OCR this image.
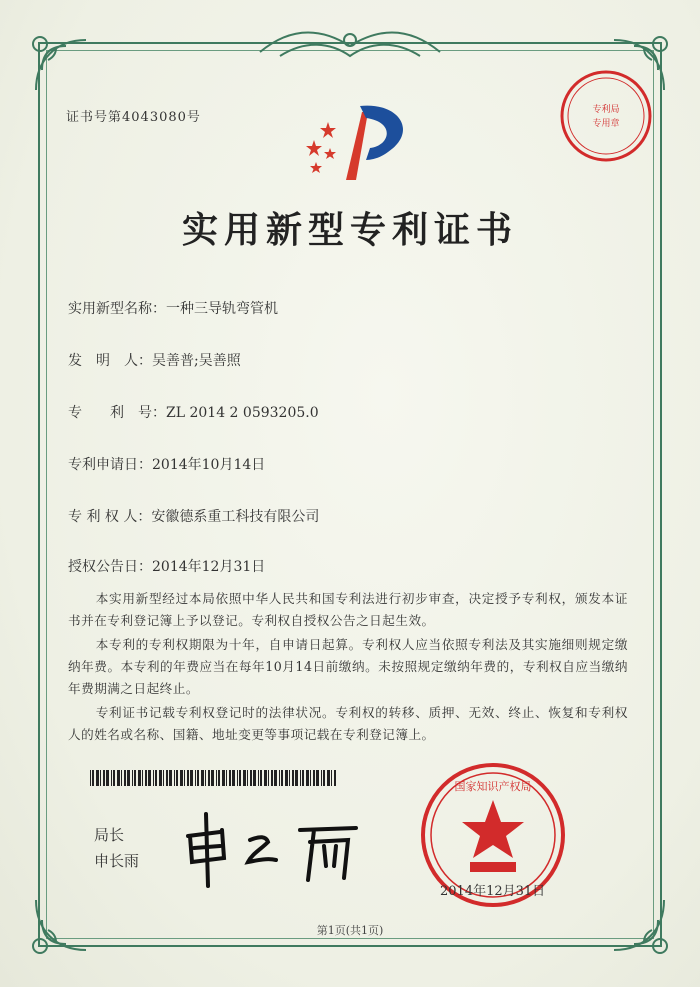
证书号第4043080号	专利局
专用章
实用新型专利证书
实用新型名称：一种三导轨弯管机
发　明　人：吴善普;吴善照
专　　利　号：ZL 2014 2 0593205.0
专利申请日：2014年10月14日
专 利 权 人：安徽德系重工科技有限公司
授权公告日：2014年12月31日

本实用新型经过本局依照中华人民共和国专利法进行初步审查，决定授予专利权，颁发本证书并在专利登记簿上予以登记。专利权自授权公告之日起生效。

本专利的专利权期限为十年，自申请日起算。专利权人应当依照专利法及其实施细则规定缴纳年费。本专利的年费应当在每年10月14日前缴纳。未按照规定缴纳年费的，专利权自应当缴纳年费期满之日起终止。

专利证书记载专利权登记时的法律状况。专利权的转移、质押、无效、终止、恢复和专利权人的姓名或名称、国籍、地址变更等事项记载在专利登记簿上。

局长
申长雨
国家知识产权局
2014年12月31日
第1页(共1页)
